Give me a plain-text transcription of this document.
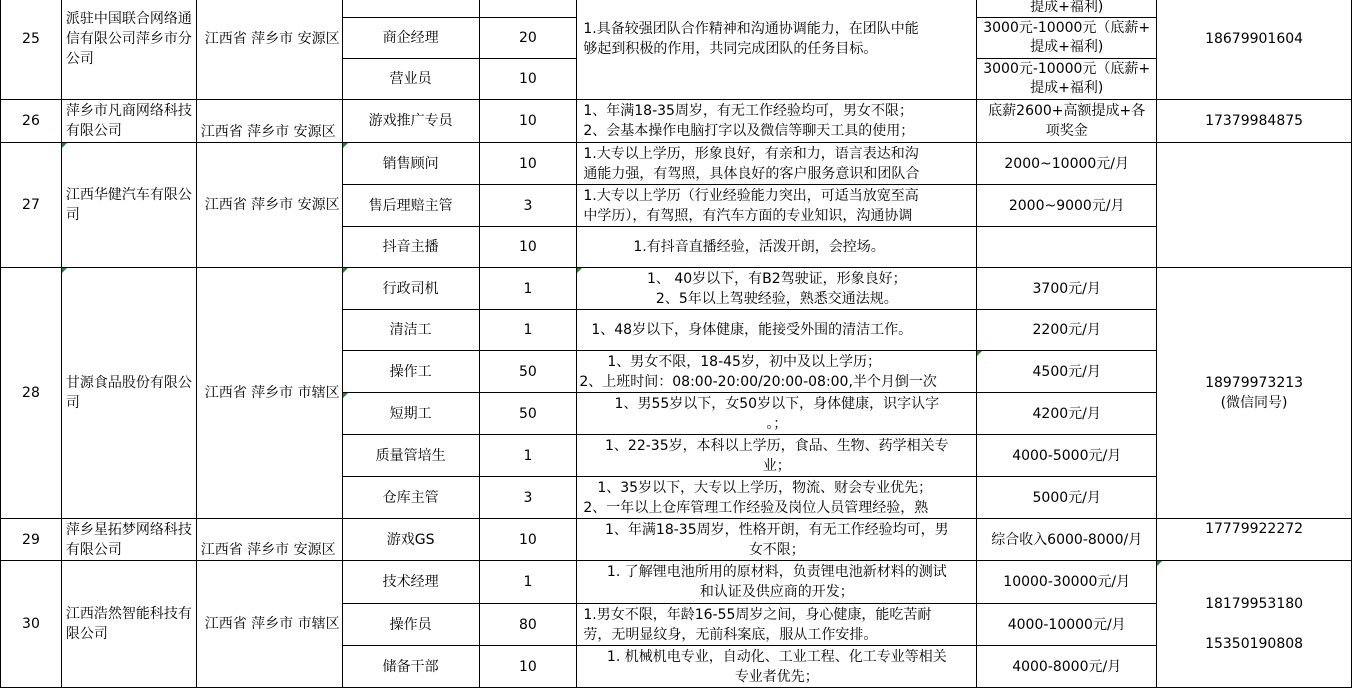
25	派驻中国联合网络通信有限公司萍乡市分公司	江西省 萍乡市 安源区			1.具备较强团队合作精神和沟通协调能力，在团队中能
够起到积极的作用，共同完成团队的任务目标。	提成+福利)	18679901604

			商企经理	20		3000元-10000元（底薪+
提成+福利)	

			营业员	10		3000元-10000元（底薪+
提成+福利)	

26	萍乡市凡商网络科技有限公司	江西省 萍乡市 安源区	游戏推广专员	10	1、年满18-35周岁，有无工作经验均可，男女不限；
2、会基本操作电脑打字以及微信等聊天工具的使用；	底薪2600+高额提成+各
项奖金	17379984875
27	江西华健汽车有限公司	江西省 萍乡市 安源区	销售顾问	10	1.大专以上学历，形象良好，有亲和力，语言表达和沟
通能力强，有驾照，具体良好的客户服务意识和团队合	2000~10000元/月	
			售后理赔主管	3	1.大专以上学历（行业经验能力突出，可适当放宽至高
中学历），有驾照，有汽车方面的专业知识，沟通协调	2000~9000元/月	
			抖音主播	10	1.有抖音直播经验，活泼开朗，会控场。		

28	甘源食品股份有限公司	江西省 萍乡市 市辖区	行政司机	1	1、 40岁以下，有B2驾驶证，形象良好；
2、5年以上驾驶经验，熟悉交通法规。	3700元/月	18979973213
(微信同号)

			清洁工	1	1、48岁以下，身体健康，能接受外围的清洁工作。	2200元/月	
			操作工	50	1、男女不限，18-45岁，初中及以上学历；
2、上班时间：08:00-20:00/20:00-08:00,半个月倒一次	4500元/月	
			短期工	50	1、男55岁以下，女50岁以下，身体健康，识字认字
。；	4200元/月	
			质量管培生	1	1、22-35岁，本科以上学历，食品、生物、药学相关专
业；	4000-5000元/月	
			仓库主管	3	1、35岁以下，大专以上学历，物流、财会专业优先；
2、一年以上仓库管理工作经验及岗位人员管理经验，熟	5000元/月	
29	萍乡星拓梦网络科技有限公司	江西省 萍乡市 安源区	游戏GS	10	1、年满18-35周岁，性格开朗，有无工作经验均可，男
女不限；	综合收入6000-8000/月	17779922272
30	江西浩然智能科技有限公司	江西省 萍乡市 市辖区	技术经理	1	1. 了解锂电池所用的原材料，负责锂电池新材料的测试
和认证及供应商的开发；	10000-30000元/月	18179953180

15350190808

			操作员	80	1.男女不限，年龄16-55周岁之间，身心健康，能吃苦耐
劳，无明显纹身，无前科案底，服从工作安排。	4000-10000元/月	
			储备干部	10	1. 机械机电专业，自动化、工业工程、化工专业等相关
专业者优先；	4000-8000元/月	
